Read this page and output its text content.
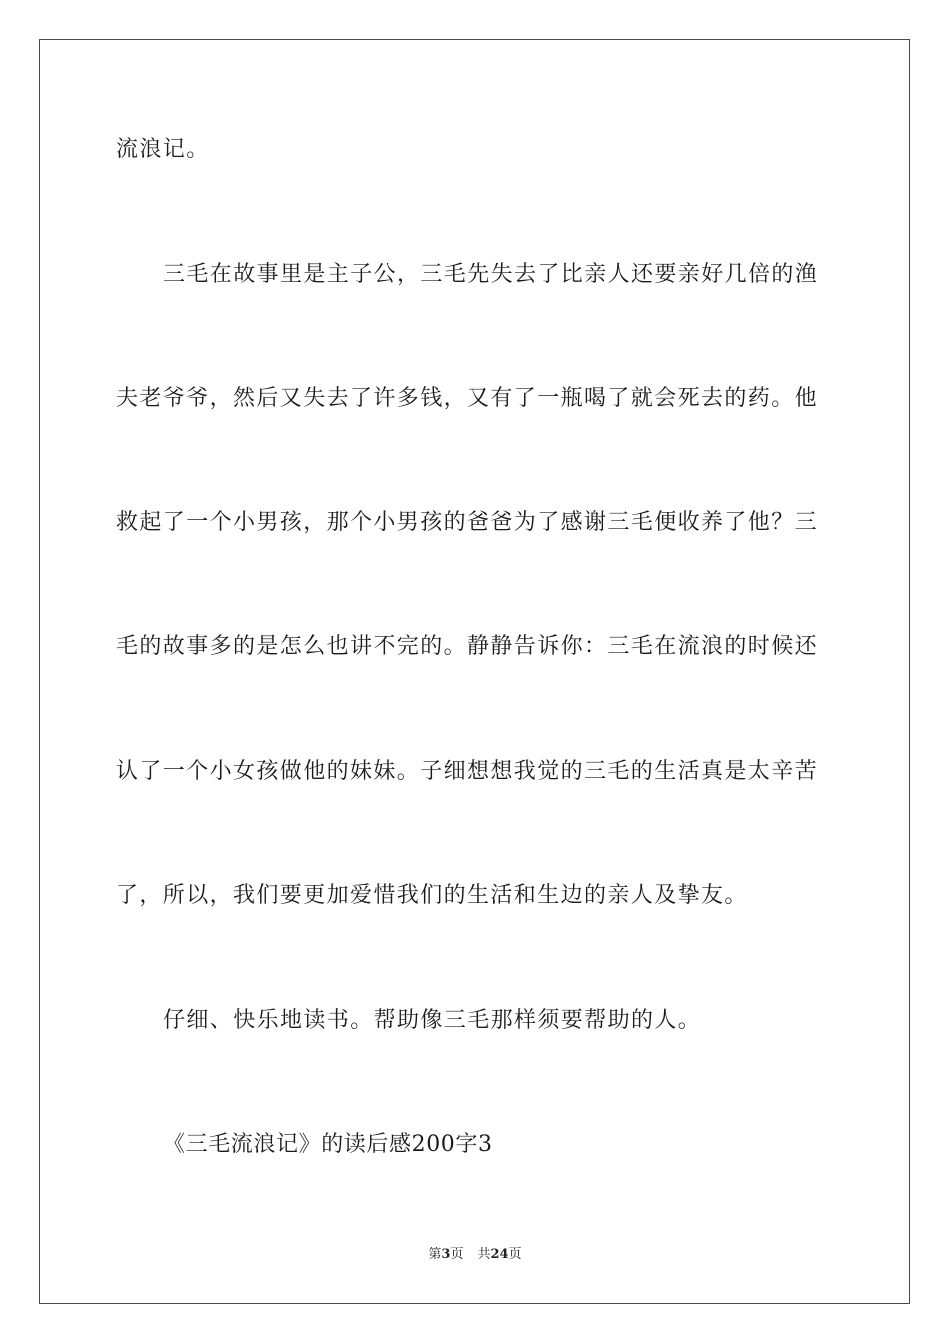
流浪记。
三毛在故事里是主子公，三毛先失去了比亲人还要亲好几倍的渔
夫老爷爷，然后又失去了许多钱，又有了一瓶喝了就会死去的药。他
救起了一个小男孩，那个小男孩的爸爸为了感谢三毛便收养了他？三
毛的故事多的是怎么也讲不完的。静静告诉你：三毛在流浪的时候还
认了一个小女孩做他的妹妹。子细想想我觉的三毛的生活真是太辛苦
了，所以，我们要更加爱惜我们的生活和生边的亲人及挚友。
仔细、快乐地读书。帮助像三毛那样须要帮助的人。
《三毛流浪记》的读后感200字3
第3页 共24页
